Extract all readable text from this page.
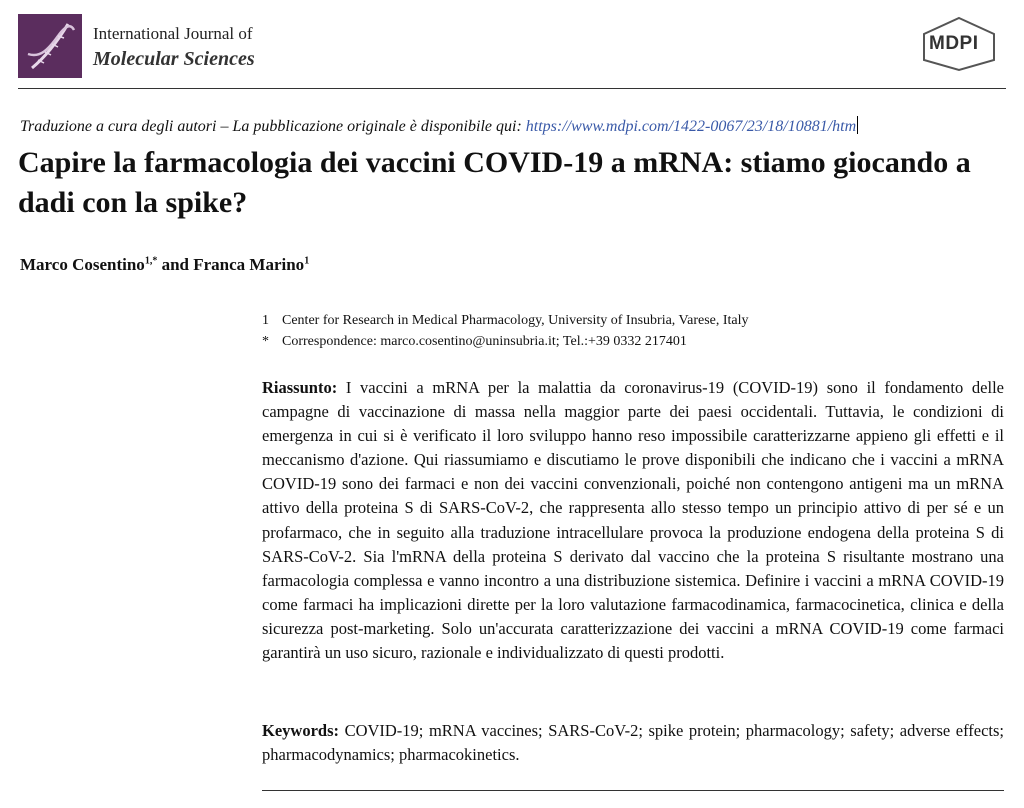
International Journal of
Molecular Sciences
MDPI
Traduzione a cura degli autori – La pubblicazione originale è disponibile qui: https://www.mdpi.com/1422-0067/23/18/10881/htm
Capire la farmacologia dei vaccini COVID-19 a mRNA: stiamo giocando a dadi con la spike?
Marco Cosentino$^{1,*}$ and Franca Marino$^1$
1 Center for Research in Medical Pharmacology, University of Insubria, Varese, Italy
* Correspondence: marco.cosentino@uninsubria.it; Tel.:+39 0332 217401
Riassunto: I vaccini a mRNA per la malattia da coronavirus-19 (COVID-19) sono il fondamento delle campagne di vaccinazione di massa nella maggior parte dei paesi occidentali. Tuttavia, le condizioni di emergenza in cui si è verificato il loro sviluppo hanno reso impossibile caratterizzarne appieno gli effetti e il meccanismo d'azione. Qui riassumiamo e discutiamo le prove disponibili che indicano che i vaccini a mRNA COVID-19 sono dei farmaci e non dei vaccini convenzionali, poiché non contengono antigeni ma un mRNA attivo della proteina S di SARS-CoV-2, che rappresenta allo stesso tempo un principio attivo di per sé e un profarmaco, che in seguito alla traduzione intracellulare provoca la produzione endogena della proteina S di SARS-CoV-2. Sia l'mRNA della proteina S derivato dal vaccino che la proteina S risultante mostrano una farmacologia complessa e vanno incontro a una distribuzione sistemica. Definire i vaccini a mRNA COVID-19 come farmaci ha implicazioni dirette per la loro valutazione farmacodinamica, farmacocinetica, clinica e della sicurezza post-marketing. Solo un'accurata caratterizzazione dei vaccini a mRNA COVID-19 come farmaci garantirà un uso sicuro, razionale e individualizzato di questi prodotti.
Keywords: COVID-19; mRNA vaccines; SARS-CoV-2; spike protein; pharmacology; safety; adverse effects; pharmacodynamics; pharmacokinetics.
